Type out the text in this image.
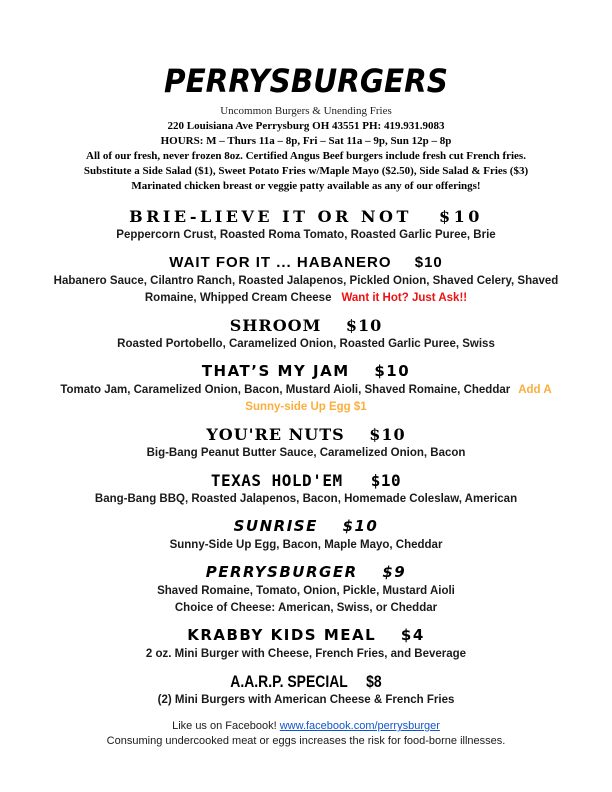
PERRYSBURGERS
Uncommon Burgers & Unending Fries
220 Louisiana Ave Perrysburg OH 43551 PH: 419.931.9083
HOURS: M – Thurs 11a – 8p, Fri – Sat 11a – 9p, Sun 12p – 8p
All of our fresh, never frozen 8oz. Certified Angus Beef burgers include fresh cut French fries.
Substitute a Side Salad ($1), Sweet Potato Fries w/Maple Mayo ($2.50), Side Salad & Fries ($3)
Marinated chicken breast or veggie patty available as any of our offerings!
BRIE-LIEVE IT OR NOT $10
Peppercorn Crust, Roasted Roma Tomato, Roasted Garlic Puree, Brie
WAIT FOR IT ... HABANERO $10
Habanero Sauce, Cilantro Ranch, Roasted Jalapenos, Pickled Onion, Shaved Celery, Shaved Romaine, Whipped Cream Cheese Want it Hot? Just Ask!!
SHROOM $10
Roasted Portobello, Caramelized Onion, Roasted Garlic Puree, Swiss
THAT’S MY JAM $10
Tomato Jam, Caramelized Onion, Bacon, Mustard Aioli, Shaved Romaine, Cheddar Add A Sunny-side Up Egg $1
YOU'RE NUTS $10
Big-Bang Peanut Butter Sauce, Caramelized Onion, Bacon
TEXAS HOLD'EM $10
Bang-Bang BBQ, Roasted Jalapenos, Bacon, Homemade Coleslaw, American
SUNRISE $10
Sunny-Side Up Egg, Bacon, Maple Mayo, Cheddar
PERRYSBURGER $9
Shaved Romaine, Tomato, Onion, Pickle, Mustard Aioli
Choice of Cheese: American, Swiss, or Cheddar
KRABBY KIDS MEAL $4
2 oz. Mini Burger with Cheese, French Fries, and Beverage
A.A.R.P. SPECIAL $8
(2) Mini Burgers with American Cheese & French Fries
Like us on Facebook! www.facebook.com/perrysburger
Consuming undercooked meat or eggs increases the risk for food-borne illnesses.
